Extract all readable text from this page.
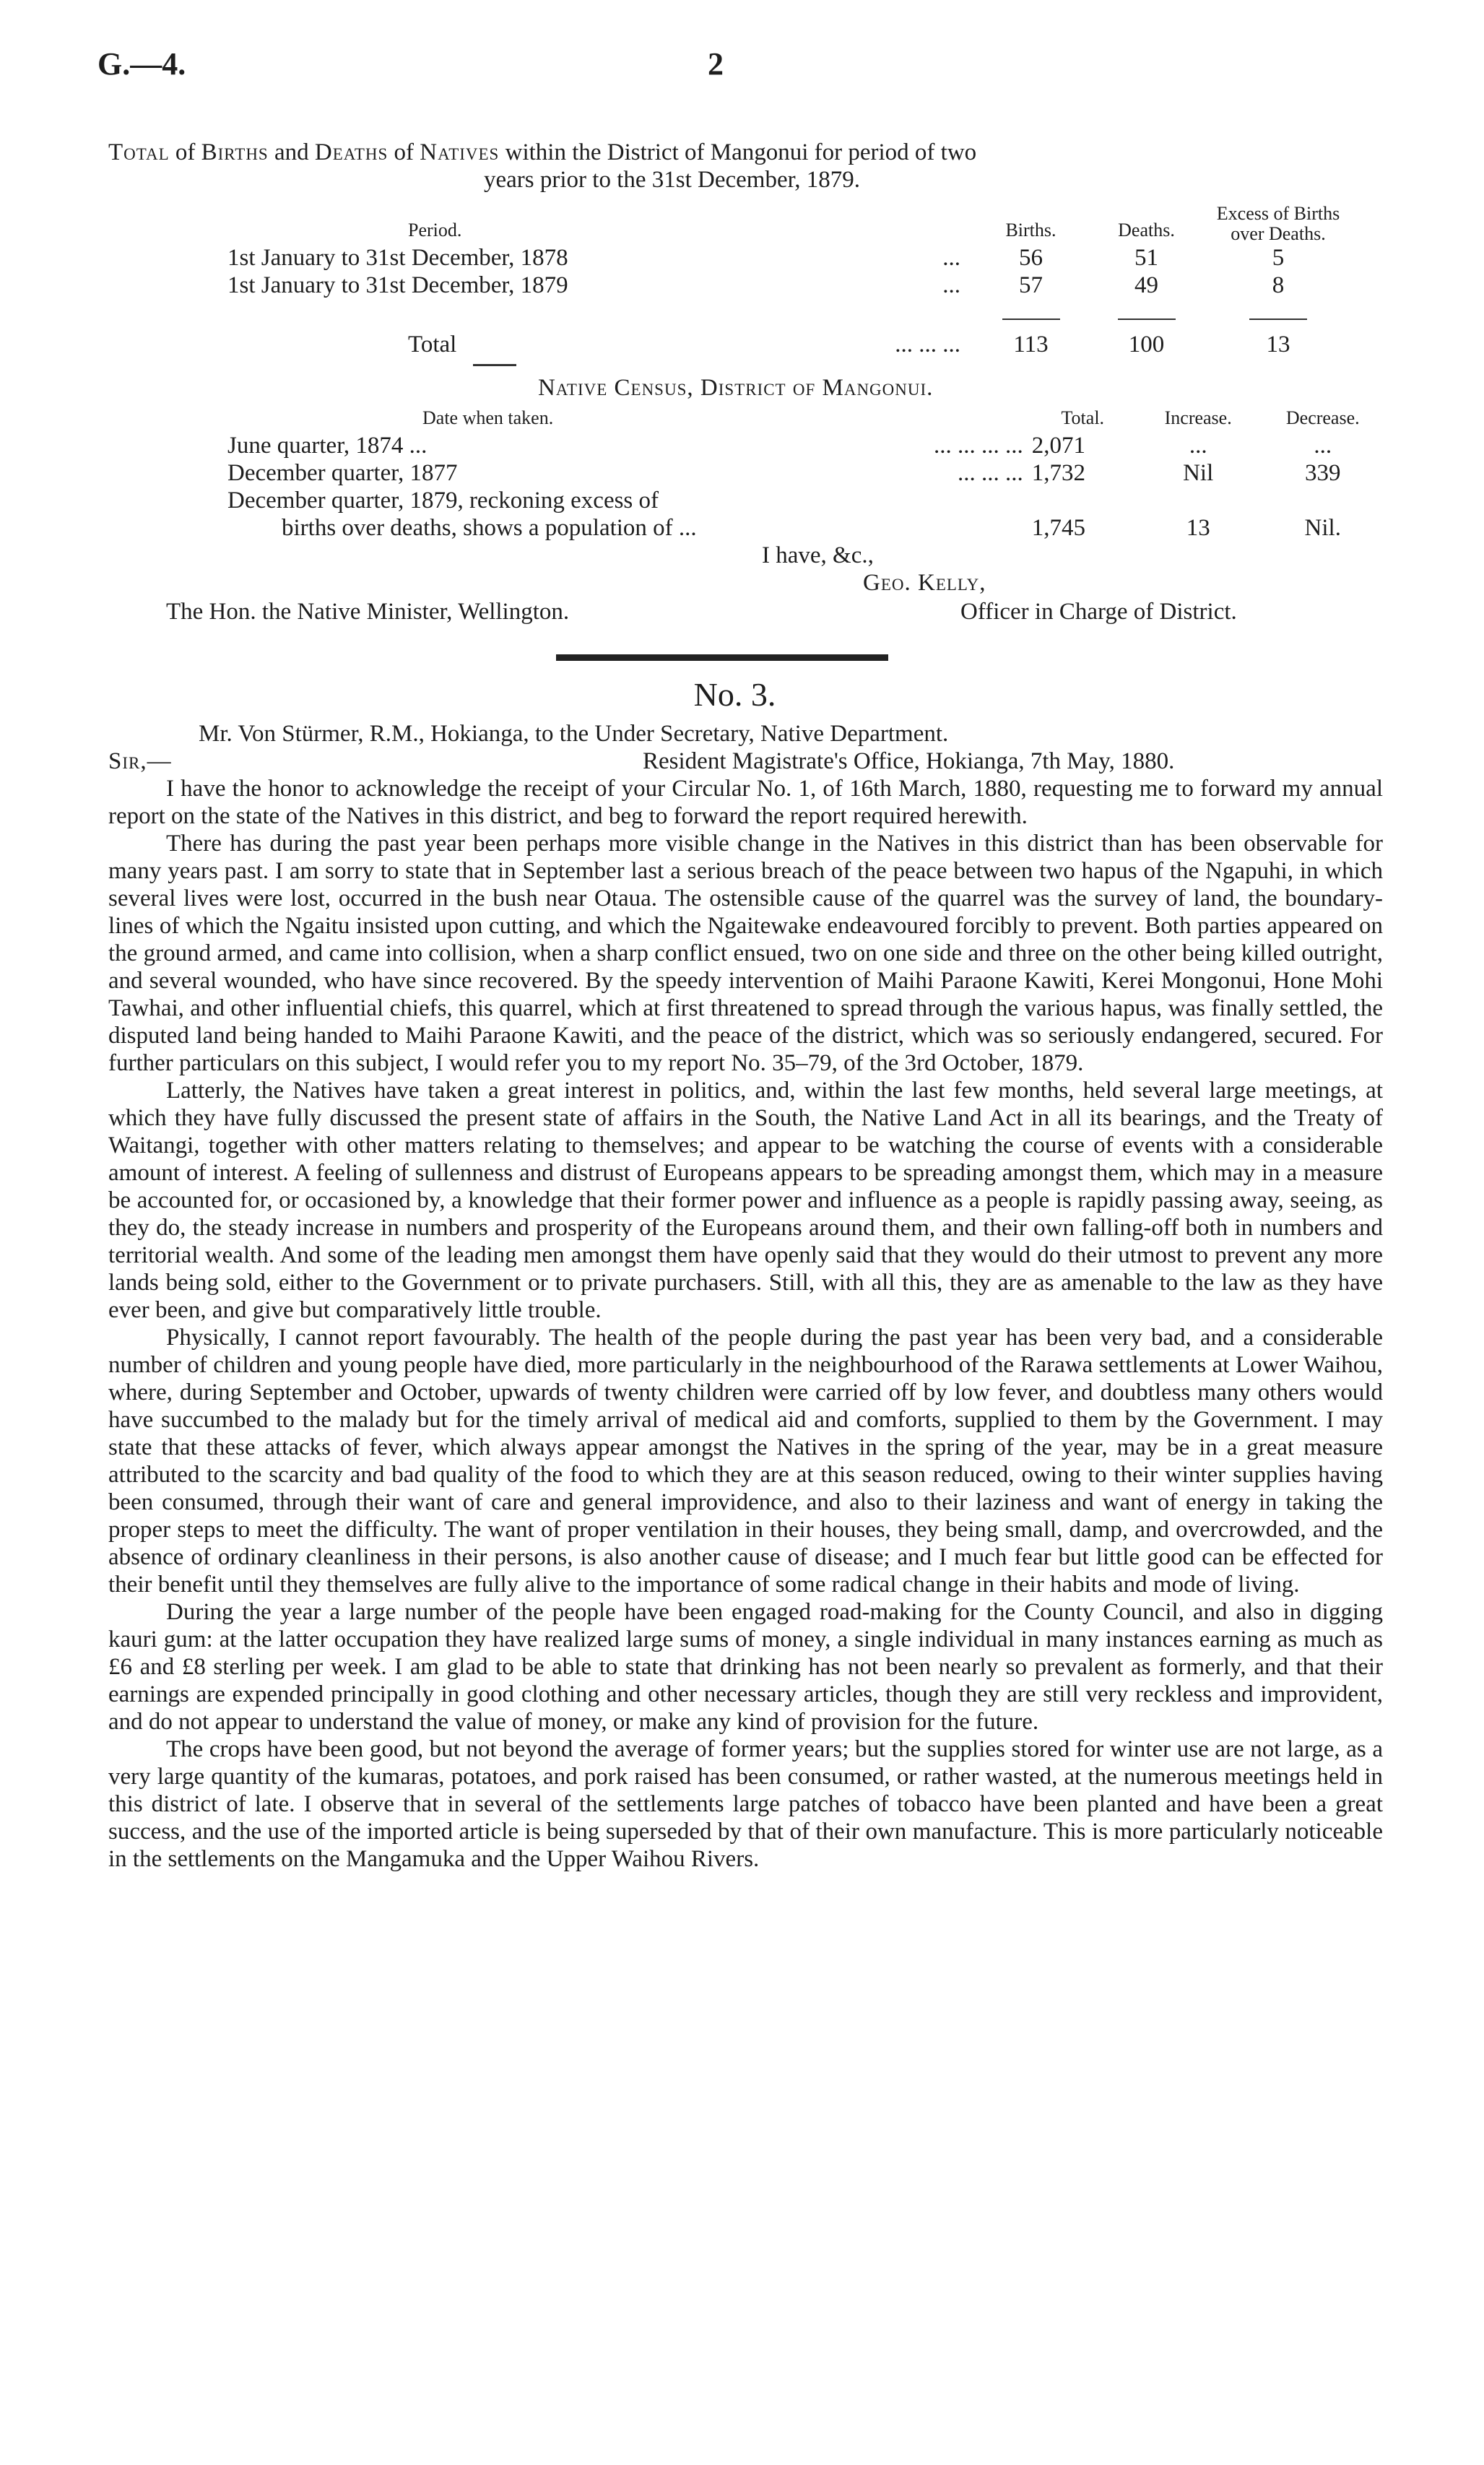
G.—4.	2
Total of Births and Deaths of Natives within the District of Mangonui for period of two
years prior to the 31st December, 1879.
Period.	Births.	Deaths.	Excess of Births
over Deaths.
1st January to 31st December, 1878 ...	56	51	5
1st January to 31st December, 1879 ...	57	49	8

Total ... ... ...	113	100	13
Native Census, District of Mangonui.
Date when taken.	Total.	Increase.	Decrease.
June quarter, 1874 ... ... ... ... ...	2,071	...	...
December quarter, 1877 ... ... ...	1,732	Nil	339

December quarter, 1879, reckoning excess of
births over deaths, shows a population of ...	1,745	13	Nil.
I have, &c.,
Geo. Kelly,
The Hon. the Native Minister, Wellington.	Officer in Charge of District.
No. 3.
Mr. Von Stürmer, R.M., Hokianga, to the Under Secretary, Native Department.
Sir,—	Resident Magistrate's Office, Hokianga, 7th May, 1880.

I have the honor to acknowledge the receipt of your Circular No. 1, of 16th March, 1880, requesting me to forward my annual report on the state of the Natives in this district, and beg to forward the report required herewith.

There has during the past year been perhaps more visible change in the Natives in this district than has been observable for many years past. I am sorry to state that in September last a serious breach of the peace between two hapus of the Ngapuhi, in which several lives were lost, occurred in the bush near Otaua. The ostensible cause of the quarrel was the survey of land, the boundary-lines of which the Ngaitu insisted upon cutting, and which the Ngaitewake endeavoured forcibly to prevent. Both parties appeared on the ground armed, and came into collision, when a sharp conflict ensued, two on one side and three on the other being killed outright, and several wounded, who have since recovered. By the speedy intervention of Maihi Paraone Kawiti, Kerei Mongonui, Hone Mohi Tawhai, and other influential chiefs, this quarrel, which at first threatened to spread through the various hapus, was finally settled, the disputed land being handed to Maihi Paraone Kawiti, and the peace of the district, which was so seriously endangered, secured. For further particulars on this subject, I would refer you to my report No. 35–79, of the 3rd October, 1879.

Latterly, the Natives have taken a great interest in politics, and, within the last few months, held several large meetings, at which they have fully discussed the present state of affairs in the South, the Native Land Act in all its bearings, and the Treaty of Waitangi, together with other matters relating to themselves; and appear to be watching the course of events with a considerable amount of interest. A feeling of sullenness and distrust of Europeans appears to be spreading amongst them, which may in a measure be accounted for, or occasioned by, a knowledge that their former power and influence as a people is rapidly passing away, seeing, as they do, the steady increase in numbers and prosperity of the Europeans around them, and their own falling-off both in numbers and territorial wealth. And some of the leading men amongst them have openly said that they would do their utmost to prevent any more lands being sold, either to the Government or to private purchasers. Still, with all this, they are as amenable to the law as they have ever been, and give but comparatively little trouble.

Physically, I cannot report favourably. The health of the people during the past year has been very bad, and a considerable number of children and young people have died, more particularly in the neighbourhood of the Rarawa settlements at Lower Waihou, where, during September and October, upwards of twenty children were carried off by low fever, and doubtless many others would have succumbed to the malady but for the timely arrival of medical aid and comforts, supplied to them by the Government. I may state that these attacks of fever, which always appear amongst the Natives in the spring of the year, may be in a great measure attributed to the scarcity and bad quality of the food to which they are at this season reduced, owing to their winter supplies having been consumed, through their want of care and general improvidence, and also to their laziness and want of energy in taking the proper steps to meet the difficulty. The want of proper ventilation in their houses, they being small, damp, and overcrowded, and the absence of ordinary cleanliness in their persons, is also another cause of disease; and I much fear but little good can be effected for their benefit until they themselves are fully alive to the importance of some radical change in their habits and mode of living.

During the year a large number of the people have been engaged road-making for the County Council, and also in digging kauri gum: at the latter occupation they have realized large sums of money, a single individual in many instances earning as much as £6 and £8 sterling per week. I am glad to be able to state that drinking has not been nearly so prevalent as formerly, and that their earnings are expended principally in good clothing and other necessary articles, though they are still very reckless and improvident, and do not appear to understand the value of money, or make any kind of provision for the future.

The crops have been good, but not beyond the average of former years; but the supplies stored for winter use are not large, as a very large quantity of the kumaras, potatoes, and pork raised has been consumed, or rather wasted, at the numerous meetings held in this district of late. I observe that in several of the settlements large patches of tobacco have been planted and have been a great success, and the use of the imported article is being superseded by that of their own manufacture. This is more particularly noticeable in the settlements on the Mangamuka and the Upper Waihou Rivers.
